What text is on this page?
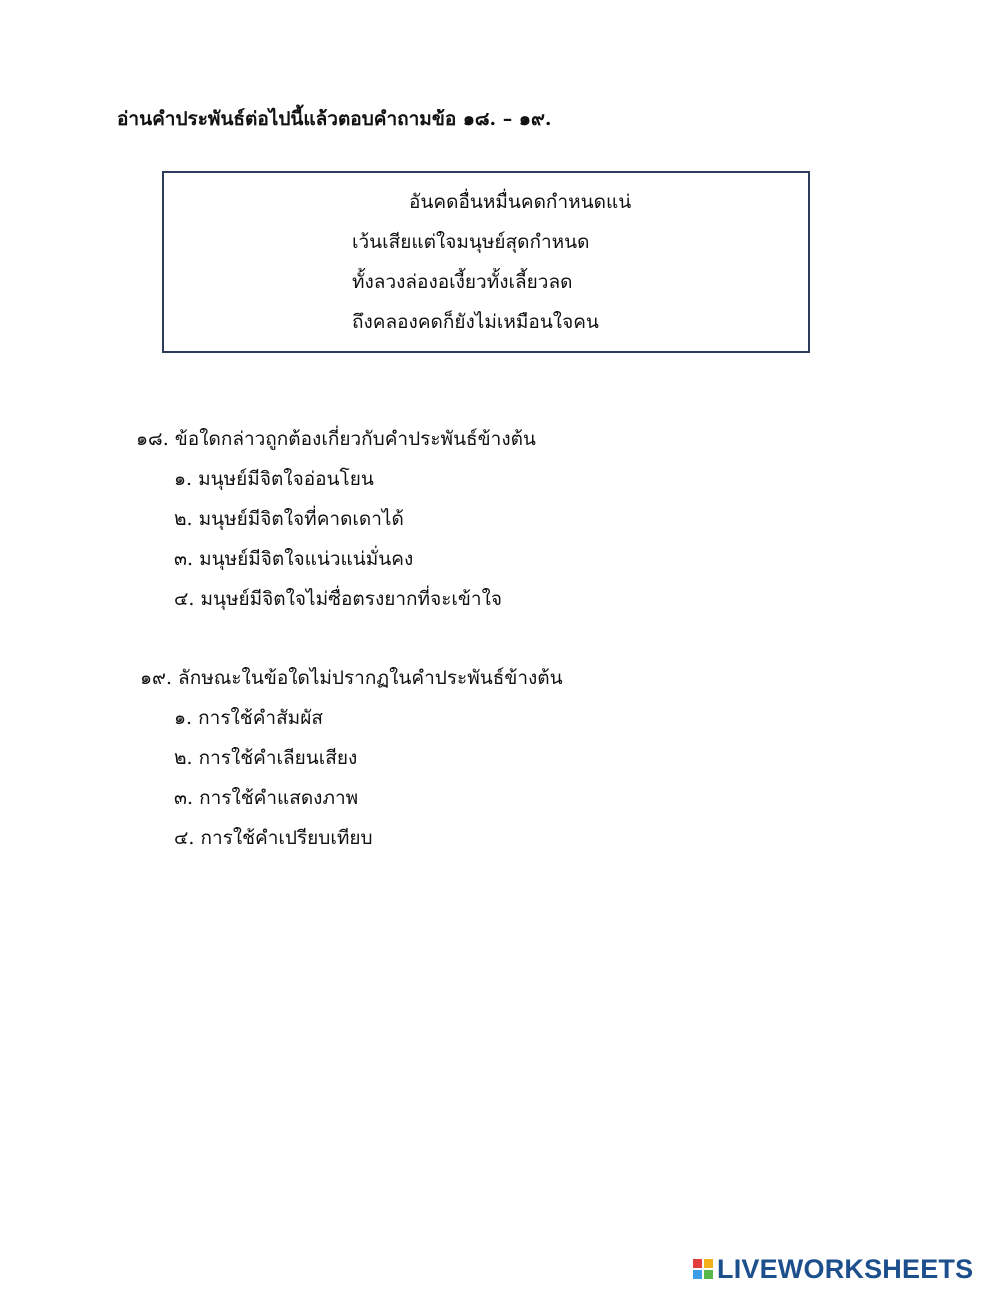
อ่านคำประพันธ์ต่อไปนี้แล้วตอบคำถามข้อ ๑๘. – ๑๙.
อันคดอื่นหมื่นคดกำหนดแน่
เว้นเสียแต่ใจมนุษย์สุดกำหนด
ทั้งลวงล่องอเงี้ยวทั้งเลี้ยวลด
ถึงคลองคดก็ยังไม่เหมือนใจคน
๑๘. ข้อใดกล่าวถูกต้องเกี่ยวกับคำประพันธ์ข้างต้น
๑. มนุษย์มีจิตใจอ่อนโยน
๒. มนุษย์มีจิตใจที่คาดเดาได้
๓. มนุษย์มีจิตใจแน่วแน่มั่นคง
๔. มนุษย์มีจิตใจไม่ซื่อตรงยากที่จะเข้าใจ
๑๙. ลักษณะในข้อใดไม่ปรากฏในคำประพันธ์ข้างต้น
๑. การใช้คำสัมผัส
๒. การใช้คำเลียนเสียง
๓. การใช้คำแสดงภาพ
๔. การใช้คำเปรียบเทียบ
LIVEWORKSHEETS
